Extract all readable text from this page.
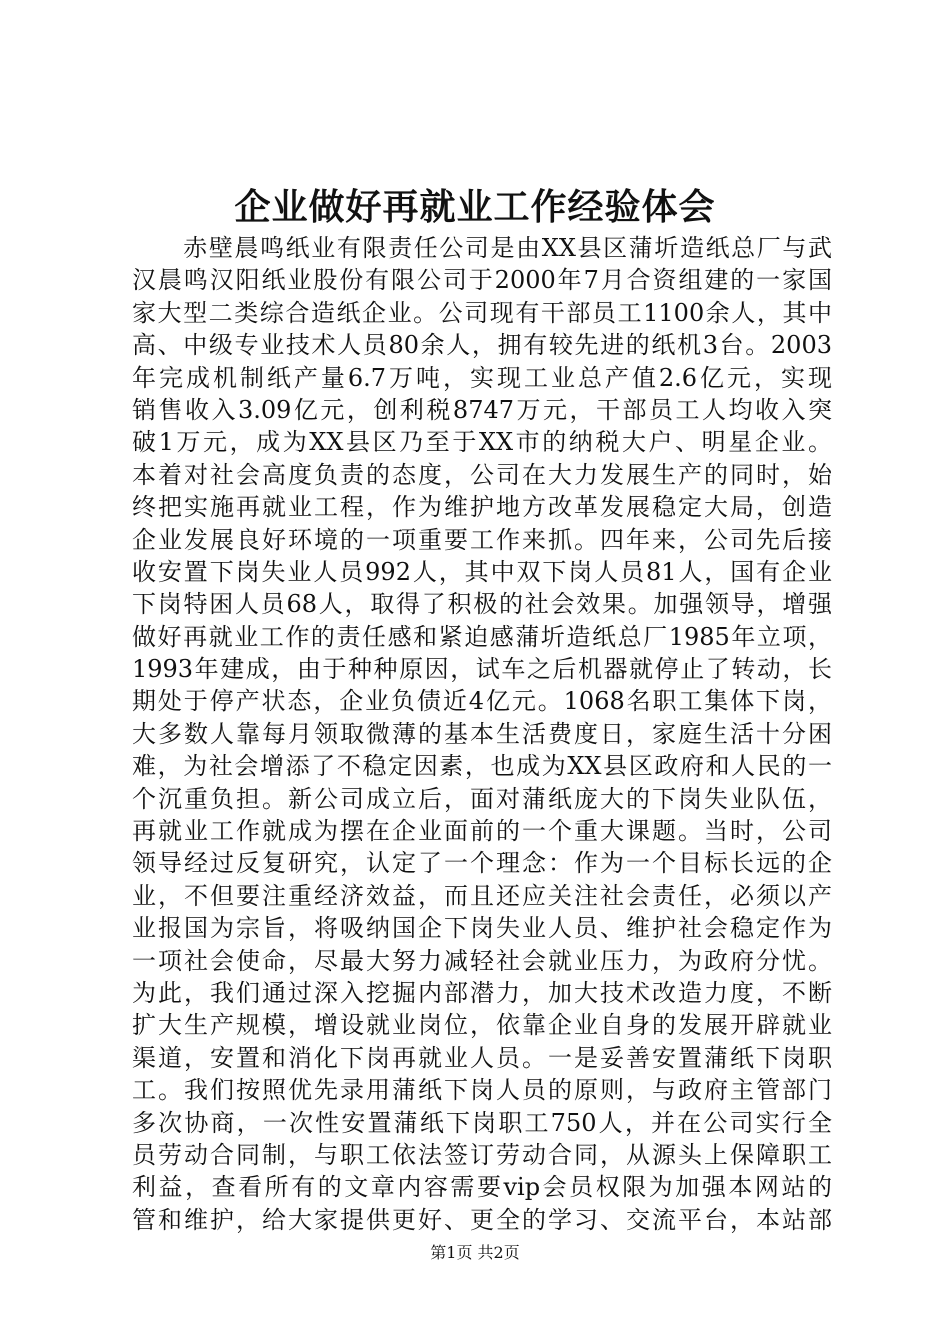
企业做好再就业工作经验体会
　　赤壁晨鸣纸业有限责任公司是由XX县区蒲圻造纸总厂与武
汉晨鸣汉阳纸业股份有限公司于2000年7月合资组建的一家国
家大型二类综合造纸企业。公司现有干部员工1100余人，其中
高、中级专业技术人员80余人，拥有较先进的纸机3台。2003
年完成机制纸产量6.7万吨，实现工业总产值2.6亿元，实现
销售收入3.09亿元，创利税8747万元，干部员工人均收入突
破1万元，成为XX县区乃至于XX市的纳税大户、明星企业。
本着对社会高度负责的态度，公司在大力发展生产的同时，始
终把实施再就业工程，作为维护地方改革发展稳定大局，创造
企业发展良好环境的一项重要工作来抓。四年来，公司先后接
收安置下岗失业人员992人，其中双下岗人员81人，国有企业
下岗特困人员68人，取得了积极的社会效果。加强领导，增强
做好再就业工作的责任感和紧迫感蒲圻造纸总厂1985年立项，
1993年建成，由于种种原因，试车之后机器就停止了转动，长
期处于停产状态，企业负债近4亿元。1068名职工集体下岗，
大多数人靠每月领取微薄的基本生活费度日，家庭生活十分困
难，为社会增添了不稳定因素，也成为XX县区政府和人民的一
个沉重负担。新公司成立后，面对蒲纸庞大的下岗失业队伍，
再就业工作就成为摆在企业面前的一个重大课题。当时，公司
领导经过反复研究，认定了一个理念：作为一个目标长远的企
业，不但要注重经济效益，而且还应关注社会责任，必须以产
业报国为宗旨，将吸纳国企下岗失业人员、维护社会稳定作为
一项社会使命，尽最大努力减轻社会就业压力，为政府分忧。
为此，我们通过深入挖掘内部潜力，加大技术改造力度，不断
扩大生产规模，增设就业岗位，依靠企业自身的发展开辟就业
渠道，安置和消化下岗再就业人员。一是妥善安置蒲纸下岗职
工。我们按照优先录用蒲纸下岗人员的原则，与政府主管部门
多次协商，一次性安置蒲纸下岗职工750人，并在公司实行全
员劳动合同制，与职工依法签订劳动合同，从源头上保障职工
利益，查看所有的文章内容需要vip会员权限为加强本网站的
管和维护，给大家提供更好、更全的学习、交流平台，本站部
第1页 共2页
